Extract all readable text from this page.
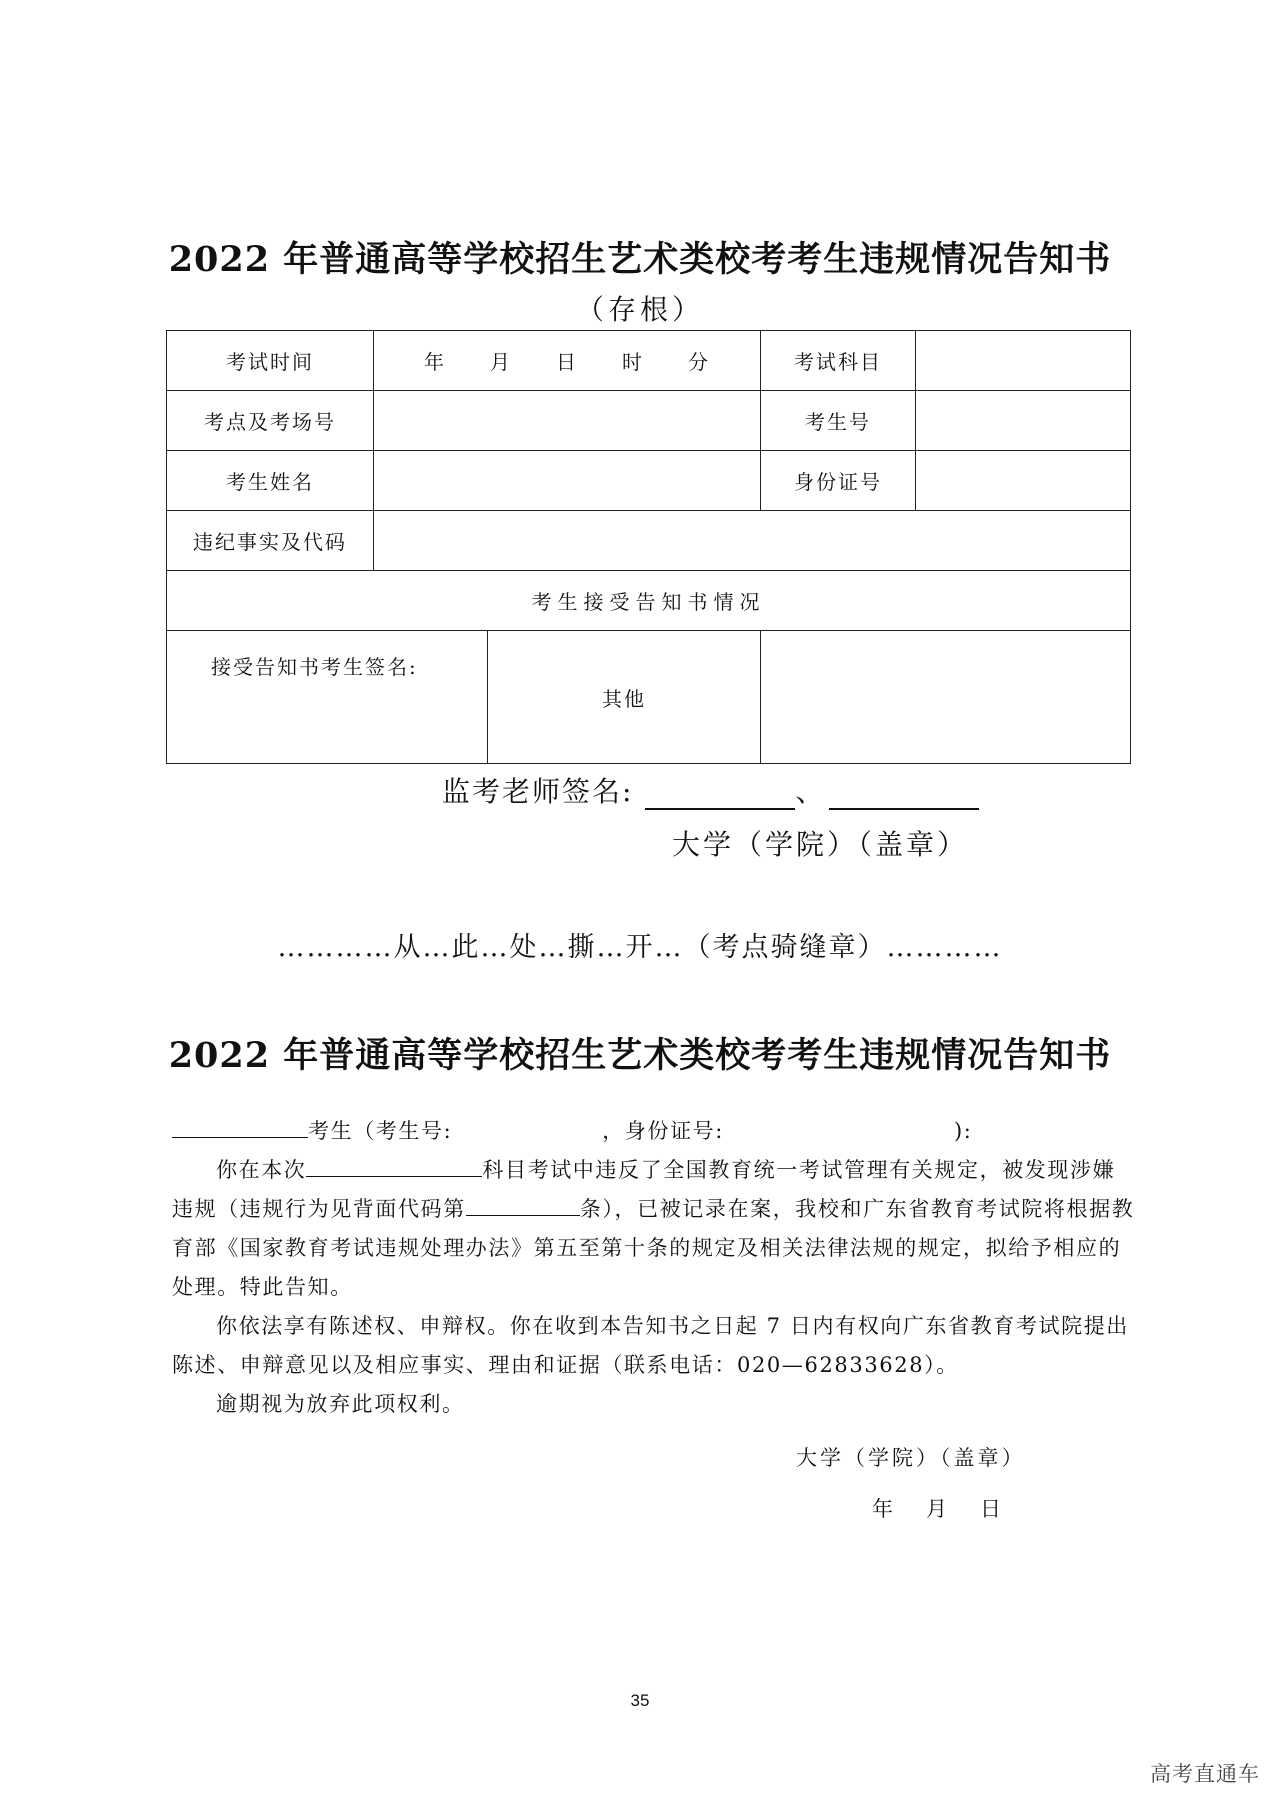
2022 年普通高等学校招生艺术类校考考生违规情况告知书
（存根）
考试时间	年　　月　　日　　时　　分		考试科目	
考点及考场号			考生号	
考生姓名			身份证号	
违纪事实及代码				
考生接受告知书情况				
接受告知书考生签名:		其他		
监考老师签名:	、
大学（学院）（盖章）
…………从…此…处…撕…开…（考点骑缝章）…………
2022 年普通高等学校招生艺术类校考考生违规情况告知书
考生（考生号:	，身份证号:	):
你在本次	科目考试中违反了全国教育统一考试管理有关规定，被发现涉嫌
违规（违规行为见背面代码第	条），已被记录在案，我校和广东省教育考试院将根据教
育部《国家教育考试违规处理办法》第五至第十条的规定及相关法律法规的规定，拟给予相应的
处理。特此告知。
你依法享有陈述权、申辩权。你在收到本告知书之日起 7 日内有权向广东省教育考试院提出
陈述、申辩意见以及相应事实、理由和证据（联系电话：020—62833628）。
逾期视为放弃此项权利。
大学（学院）（盖章）
年　月　日
35
高考直通车
